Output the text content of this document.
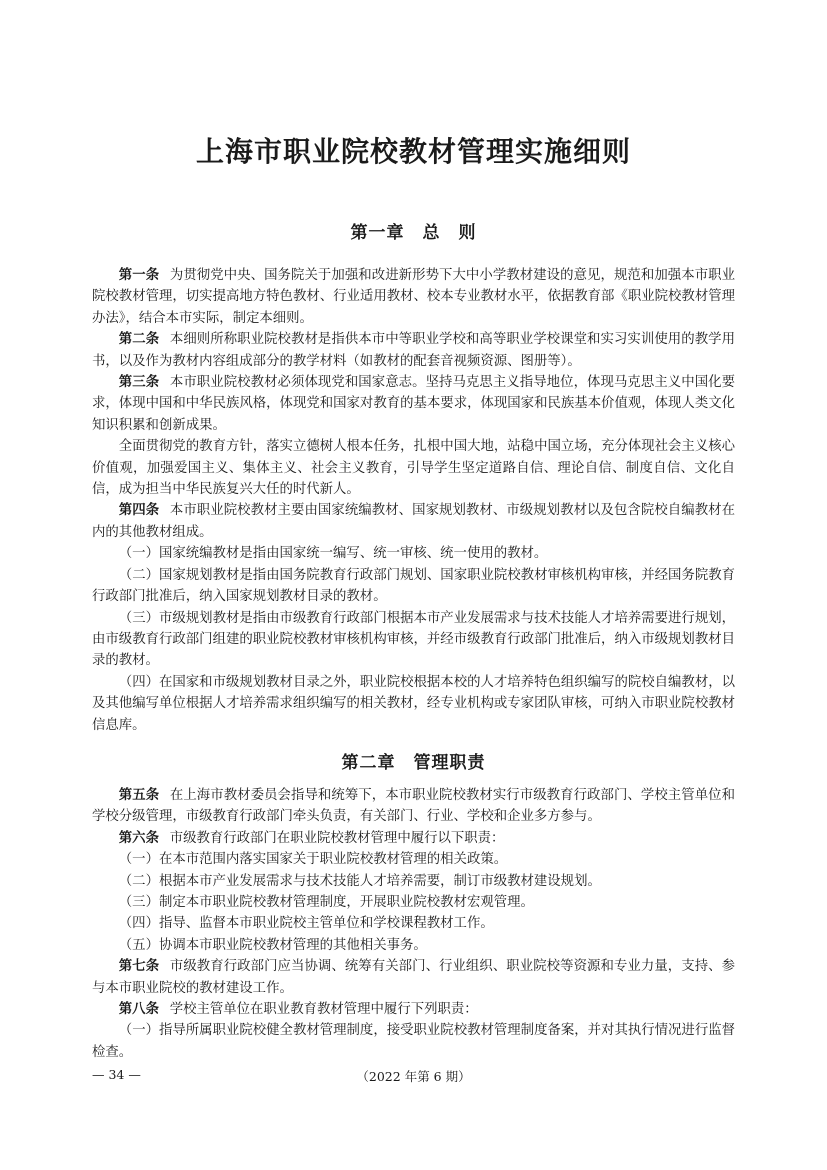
上海市职业院校教材管理实施细则
第一章　总　则

第一条 为贯彻党中央、国务院关于加强和改进新形势下大中小学教材建设的意见，规范和加强本市职业院校教材管理，切实提高地方特色教材、行业适用教材、校本专业教材水平，依据教育部《职业院校教材管理办法》，结合本市实际，制定本细则。

第二条 本细则所称职业院校教材是指供本市中等职业学校和高等职业学校课堂和实习实训使用的教学用书，以及作为教材内容组成部分的教学材料（如教材的配套音视频资源、图册等）。

第三条 本市职业院校教材必须体现党和国家意志。坚持马克思主义指导地位，体现马克思主义中国化要求，体现中国和中华民族风格，体现党和国家对教育的基本要求，体现国家和民族基本价值观，体现人类文化知识积累和创新成果。

全面贯彻党的教育方针，落实立德树人根本任务，扎根中国大地，站稳中国立场，充分体现社会主义核心价值观，加强爱国主义、集体主义、社会主义教育，引导学生坚定道路自信、理论自信、制度自信、文化自信，成为担当中华民族复兴大任的时代新人。

第四条 本市职业院校教材主要由国家统编教材、国家规划教材、市级规划教材以及包含院校自编教材在内的其他教材组成。

（一）国家统编教材是指由国家统一编写、统一审核、统一使用的教材。

（二）国家规划教材是指由国务院教育行政部门规划、国家职业院校教材审核机构审核，并经国务院教育行政部门批准后，纳入国家规划教材目录的教材。

（三）市级规划教材是指由市级教育行政部门根据本市产业发展需求与技术技能人才培养需要进行规划，由市级教育行政部门组建的职业院校教材审核机构审核，并经市级教育行政部门批准后，纳入市级规划教材目录的教材。

（四）在国家和市级规划教材目录之外，职业院校根据本校的人才培养特色组织编写的院校自编教材，以及其他编写单位根据人才培养需求组织编写的相关教材，经专业机构或专家团队审核，可纳入市职业院校教材信息库。

第二章　管理职责

第五条 在上海市教材委员会指导和统筹下，本市职业院校教材实行市级教育行政部门、学校主管单位和学校分级管理，市级教育行政部门牵头负责，有关部门、行业、学校和企业多方参与。

第六条 市级教育行政部门在职业院校教材管理中履行以下职责：

（一）在本市范围内落实国家关于职业院校教材管理的相关政策。

（二）根据本市产业发展需求与技术技能人才培养需要，制订市级教材建设规划。

（三）制定本市职业院校教材管理制度，开展职业院校教材宏观管理。

（四）指导、监督本市职业院校主管单位和学校课程教材工作。

（五）协调本市职业院校教材管理的其他相关事务。

第七条 市级教育行政部门应当协调、统筹有关部门、行业组织、职业院校等资源和专业力量，支持、参与本市职业院校的教材建设工作。

第八条 学校主管单位在职业教育教材管理中履行下列职责：

（一）指导所属职业院校健全教材管理制度，接受职业院校教材管理制度备案，并对其执行情况进行监督检查。

— 34 —	（2022 年第 6 期）
